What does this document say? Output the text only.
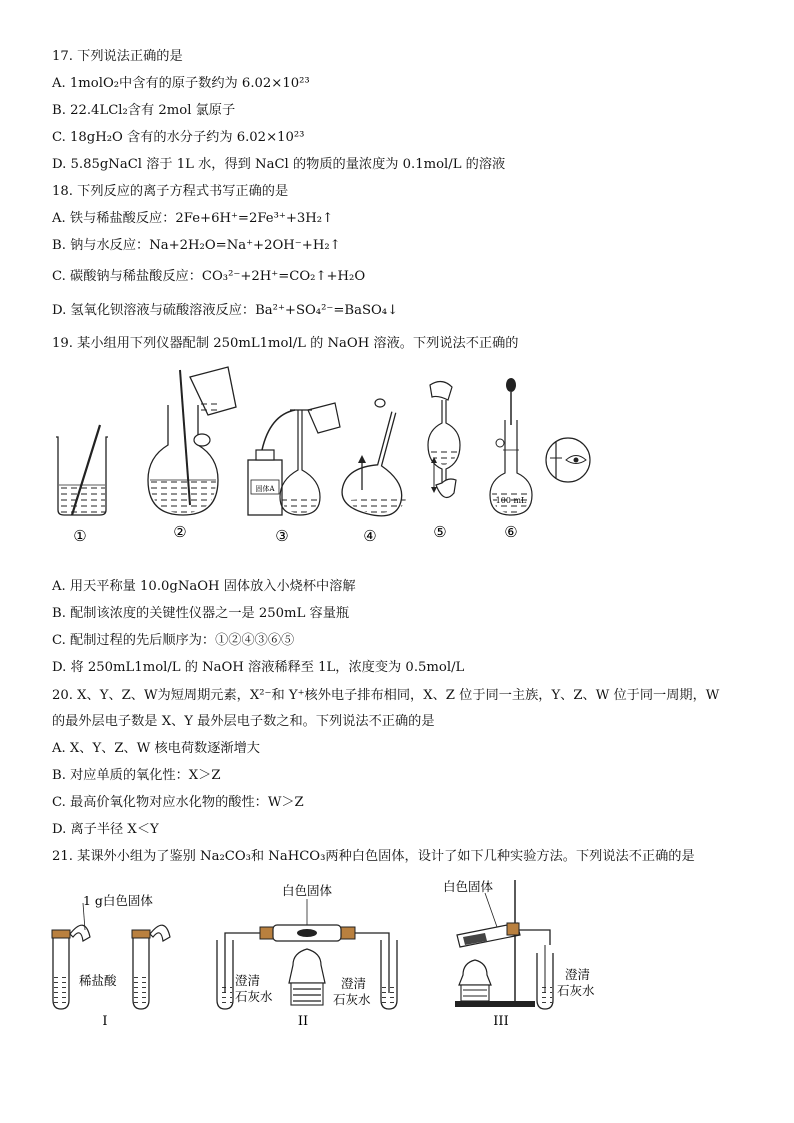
17. 下列说法正确的是
A. 1molO₂中含有的原子数约为 6.02×10²³
B. 22.4LCl₂含有 2mol 氯原子
C. 18gH₂O 含有的水分子约为 6.02×10²³
D. 5.85gNaCl 溶于 1L 水，得到 NaCl 的物质的量浓度为 0.1mol/L 的溶液
18. 下列反应的离子方程式书写正确的是
A. 铁与稀盐酸反应：2Fe+6H⁺=2Fe³⁺+3H₂↑
B. 钠与水反应：Na+2H₂O=Na⁺+2OH⁻+H₂↑
C. 碳酸钠与稀盐酸反应：CO₃²⁻+2H⁺=CO₂↑+H₂O
D. 氢氧化钡溶液与硫酸溶液反应：Ba²⁺+SO₄²⁻=BaSO₄↓
19. 某小组用下列仪器配制 250mL1mol/L 的 NaOH 溶液。下列说法不正确的
固体A
100 mL
①	②	③	④	⑤	⑥
A. 用天平称量 10.0gNaOH 固体放入小烧杯中溶解
B. 配制该浓度的关键性仪器之一是 250mL 容量瓶
C. 配制过程的先后顺序为：①②④③⑥⑤
D. 将 250mL1mol/L 的 NaOH 溶液稀释至 1L，浓度变为 0.5mol/L
20. X、Y、Z、W为短周期元素，X²⁻和 Y⁺核外电子排布相同，X、Z 位于同一主族，Y、Z、W 位于同一周期，W
的最外层电子数是 X、Y 最外层电子数之和。下列说法不正确的是
A. X、Y、Z、W 核电荷数逐渐增大
B. 对应单质的氧化性：X＞Z
C. 最高价氧化物对应水化物的酸性：W＞Z
D. 离子半径 X＜Y
21. 某课外小组为了鉴别 Na₂CO₃和 NaHCO₃两种白色固体，设计了如下几种实验方法。下列说法不正确的是
1 g白色固体
稀盐酸
I
白色固体
澄清
石灰水
澄清
石灰水
II
白色固体
澄清
石灰水
III
